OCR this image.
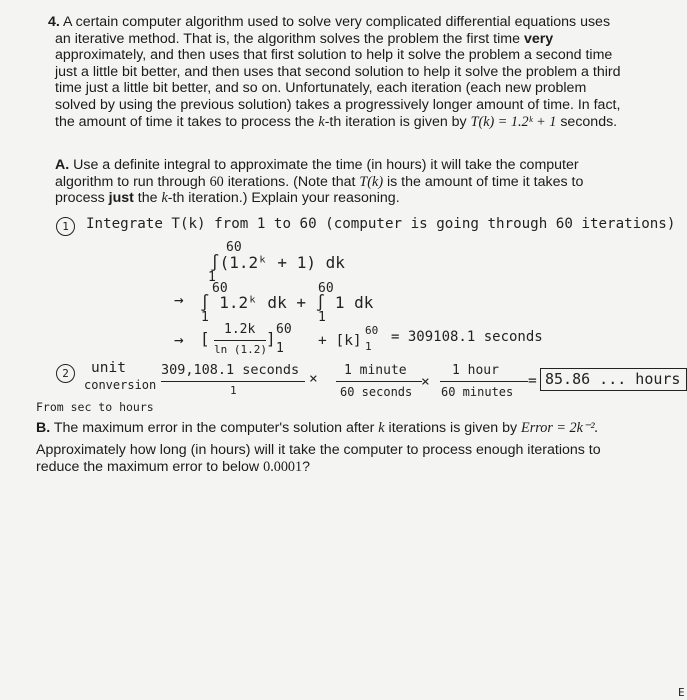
4. A certain computer algorithm used to solve very complicated differential equations uses
an iterative method. That is, the algorithm solves the problem the first time very
approximately, and then uses that first solution to help it solve the problem a second time
just a little bit better, and then uses that second solution to help it solve the problem a third
time just a little bit better, and so on. Unfortunately, each iteration (each new problem
solved by using the previous solution) takes a progressively longer amount of time. In fact,
the amount of time it takes to process the k-th iteration is given by T(k) = 1.2ᵏ + 1 seconds.
A. Use a definite integral to approximate the time (in hours) it will take the computer
algorithm to run through 60 iterations. (Note that T(k) is the amount of time it takes to
process just the k-th iteration.) Explain your reasoning.
1	Integrate T(k) from 1 to 60 (computer is going through 60 iterations)
60
∫(1.2ᵏ + 1) dk
1
→
60
∫ 1.2ᵏ dk + ∫ 1 dk
1
60
1
→ [ 1.2k
ln (1.2)
] 60
1 + [k]
60
1
= 309108.1 seconds
2	unit
conversion
From sec to hours
309,108.1 seconds
1
×
1 minute
60 seconds
×
1 hour
60 minutes
= 85.86 ... hours
B. The maximum error in the computer's solution after k iterations is given by Error = 2k⁻².
Approximately how long (in hours) will it take the computer to process enough iterations to
reduce the maximum error to below 0.0001?
E
